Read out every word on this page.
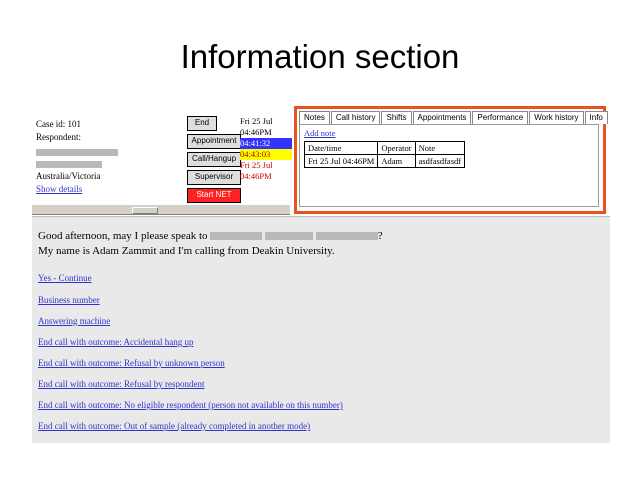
Information section
Case id: 101
Respondent:
Australia/Victoria
Show details
End
Appointment
Call/Hangup
Supervisor
Start NET
Fri 25 Jul
04:46PM
04:41:32
04:43:03
Fri 25 Jul
04:46PM
Notes	Call history	Shifts	Appointments	Performance	Work history	Info
Add note
Date/time	Operator	Note
Fri 25 Jul 04:46PM	Adam	asdfasdfasdf
Good afternoon, may I please speak to	?
My name is Adam Zammit and I'm calling from Deakin University.
Yes - Continue
Business number
Answering machine
End call with outcome: Accidental hang up
End call with outcome: Refusal by unknown person
End call with outcome: Refusal by respondent
End call with outcome: No eligible respondent (person not available on this number)
End call with outcome: Out of sample (already completed in another mode)
